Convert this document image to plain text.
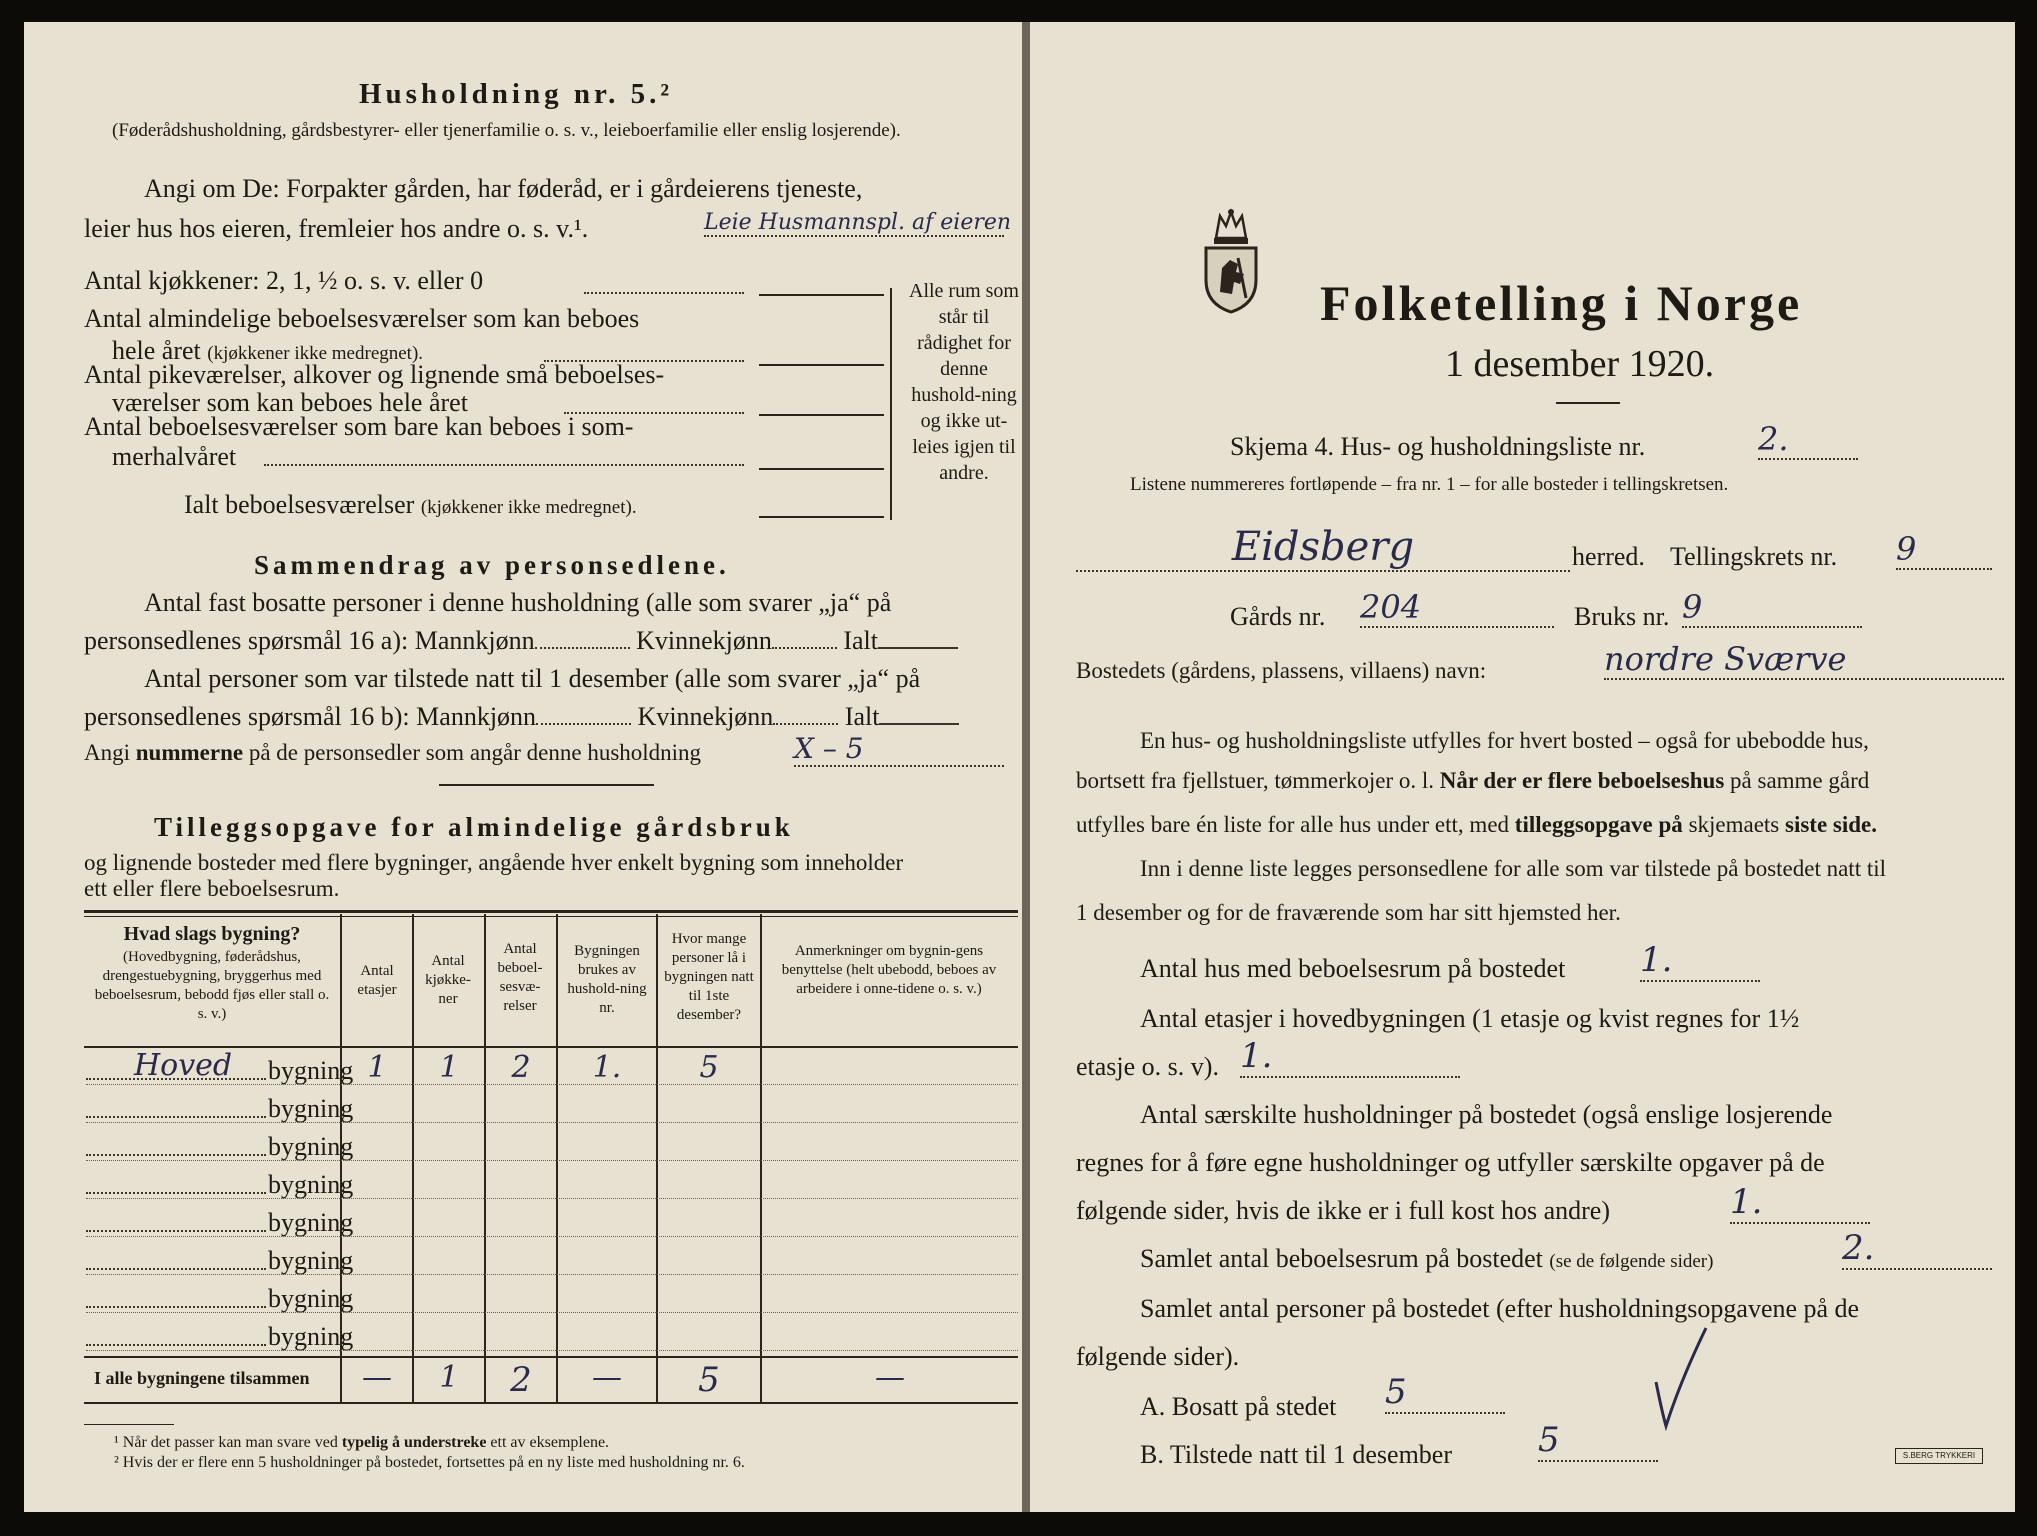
Husholdning nr. 5.²
(Føderådshusholdning, gårdsbestyrer- eller tjenerfamilie o. s. v., leieboerfamilie eller enslig losjerende).
Angi om De: Forpakter gården, har føderåd, er i gårdeierens tjeneste,
leier hus hos eieren, fremleier hos andre o. s. v.¹.	Leie Husmannspl. af eieren
Antal kjøkkener: 2, 1, ½ o. s. v. eller 0
Antal almindelige beboelsesværelser som kan beboes
hele året (kjøkkener ikke medregnet).
Antal pikeværelser, alkover og lignende små beboelses-
værelser som kan beboes hele året
Antal beboelsesværelser som bare kan beboes i som-
merhalvåret
Ialt beboelsesværelser (kjøkkener ikke medregnet).
Alle rum som står til rådighet for denne hushold-ning og ikke ut-leies igjen til andre.
Sammendrag av personsedlene.
Antal fast bosatte personer i denne husholdning (alle som svarer „ja“ på
personsedlenes spørsmål 16 a): Mannkjønn	Kvinnekjønn	Ialt
Antal personer som var tilstede natt til 1 desember (alle som svarer „ja“ på
personsedlenes spørsmål 16 b): Mannkjønn	Kvinnekjønn	Ialt
Angi nummerne på de personsedler som angår denne husholdning	X – 5
Tilleggsopgave for almindelige gårdsbruk
og lignende bosteder med flere bygninger, angående hver enkelt bygning som inneholder
ett eller flere beboelsesrum.
Hvad slags bygning?
(Hovedbygning, føderådshus, drengestuebygning, bryggerhus med beboelsesrum, bebodd fjøs eller stall o. s. v.)
Antal etasjer
Antal kjøkke-ner
Antal beboel-sesvæ-relser
Bygningen brukes av hushold-ning nr.
Hvor mange personer lå i bygningen natt til 1ste desember?
Anmerkninger om bygnin-gens benyttelse (helt ubebodd, beboes av arbeidere i onne-tidene o. s. v.)
Hoved bygning 1	1	2	1.	5
bygning
bygning
bygning
bygning
bygning
bygning
bygning
I alle bygningene tilsammen	—	1	2	—	5	—
¹ Når det passer kan man svare ved typelig å understreke ett av eksemplene.
² Hvis der er flere enn 5 husholdninger på bostedet, fortsettes på en ny liste med husholdning nr. 6.
Folketelling i Norge
1 desember 1920.
Skjema 4. Hus- og husholdningsliste nr.	2.
Listene nummereres fortløpende – fra nr. 1 – for alle bosteder i tellingskretsen.
Eidsberg	herred. Tellingskrets nr. 9
Gårds nr. 204	Bruks nr. 9
Bostedets (gårdens, plassens, villaens) navn:	nordre Sværve
En hus- og husholdningsliste utfylles for hvert bosted – også for ubebodde hus,
bortsett fra fjellstuer, tømmerkojer o. l. Når der er flere beboelseshus på samme gård
utfylles bare én liste for alle hus under ett, med tilleggsopgave på skjemaets siste side.
Inn i denne liste legges personsedlene for alle som var tilstede på bostedet natt til
1 desember og for de fraværende som har sitt hjemsted her.
Antal hus med beboelsesrum på bostedet 1.
Antal etasjer i hovedbygningen (1 etasje og kvist regnes for 1½
etasje o. s. v). 1.
Antal særskilte husholdninger på bostedet (også enslige losjerende
regnes for å føre egne husholdninger og utfyller særskilte opgaver på de
følgende sider, hvis de ikke er i full kost hos andre)	1.
Samlet antal beboelsesrum på bostedet (se de følgende sider)	2.
Samlet antal personer på bostedet (efter husholdningsopgavene på de
følgende sider).
A. Bosatt på stedet 5
B. Tilstede natt til 1 desember	5	S.BERG TRYKKERI
